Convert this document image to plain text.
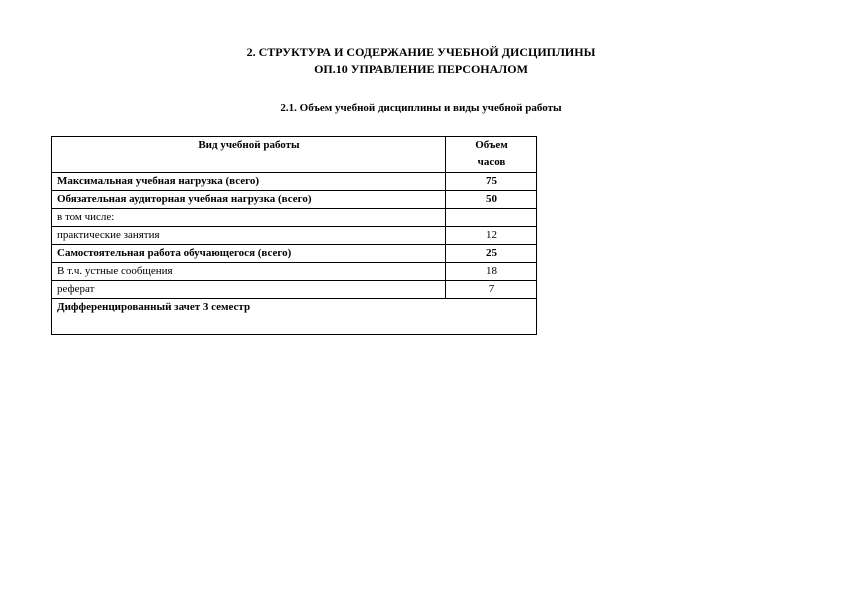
2. СТРУКТУРА И СОДЕРЖАНИЕ УЧЕБНОЙ ДИСЦИПЛИНЫ
ОП.10 УПРАВЛЕНИЕ ПЕРСОНАЛОМ
2.1. Объем учебной дисциплины и виды учебной работы
Вид учебной работы	Объем
часов
Максимальная учебная нагрузка (всего)	75
Обязательная аудиторная учебная нагрузка (всего)	50
в том числе:	
практические занятия	12
Самостоятельная работа обучающегося (всего)	25
В т.ч. устные сообщения	18
реферат	7
Дифференцированный зачет 3 семестр	
